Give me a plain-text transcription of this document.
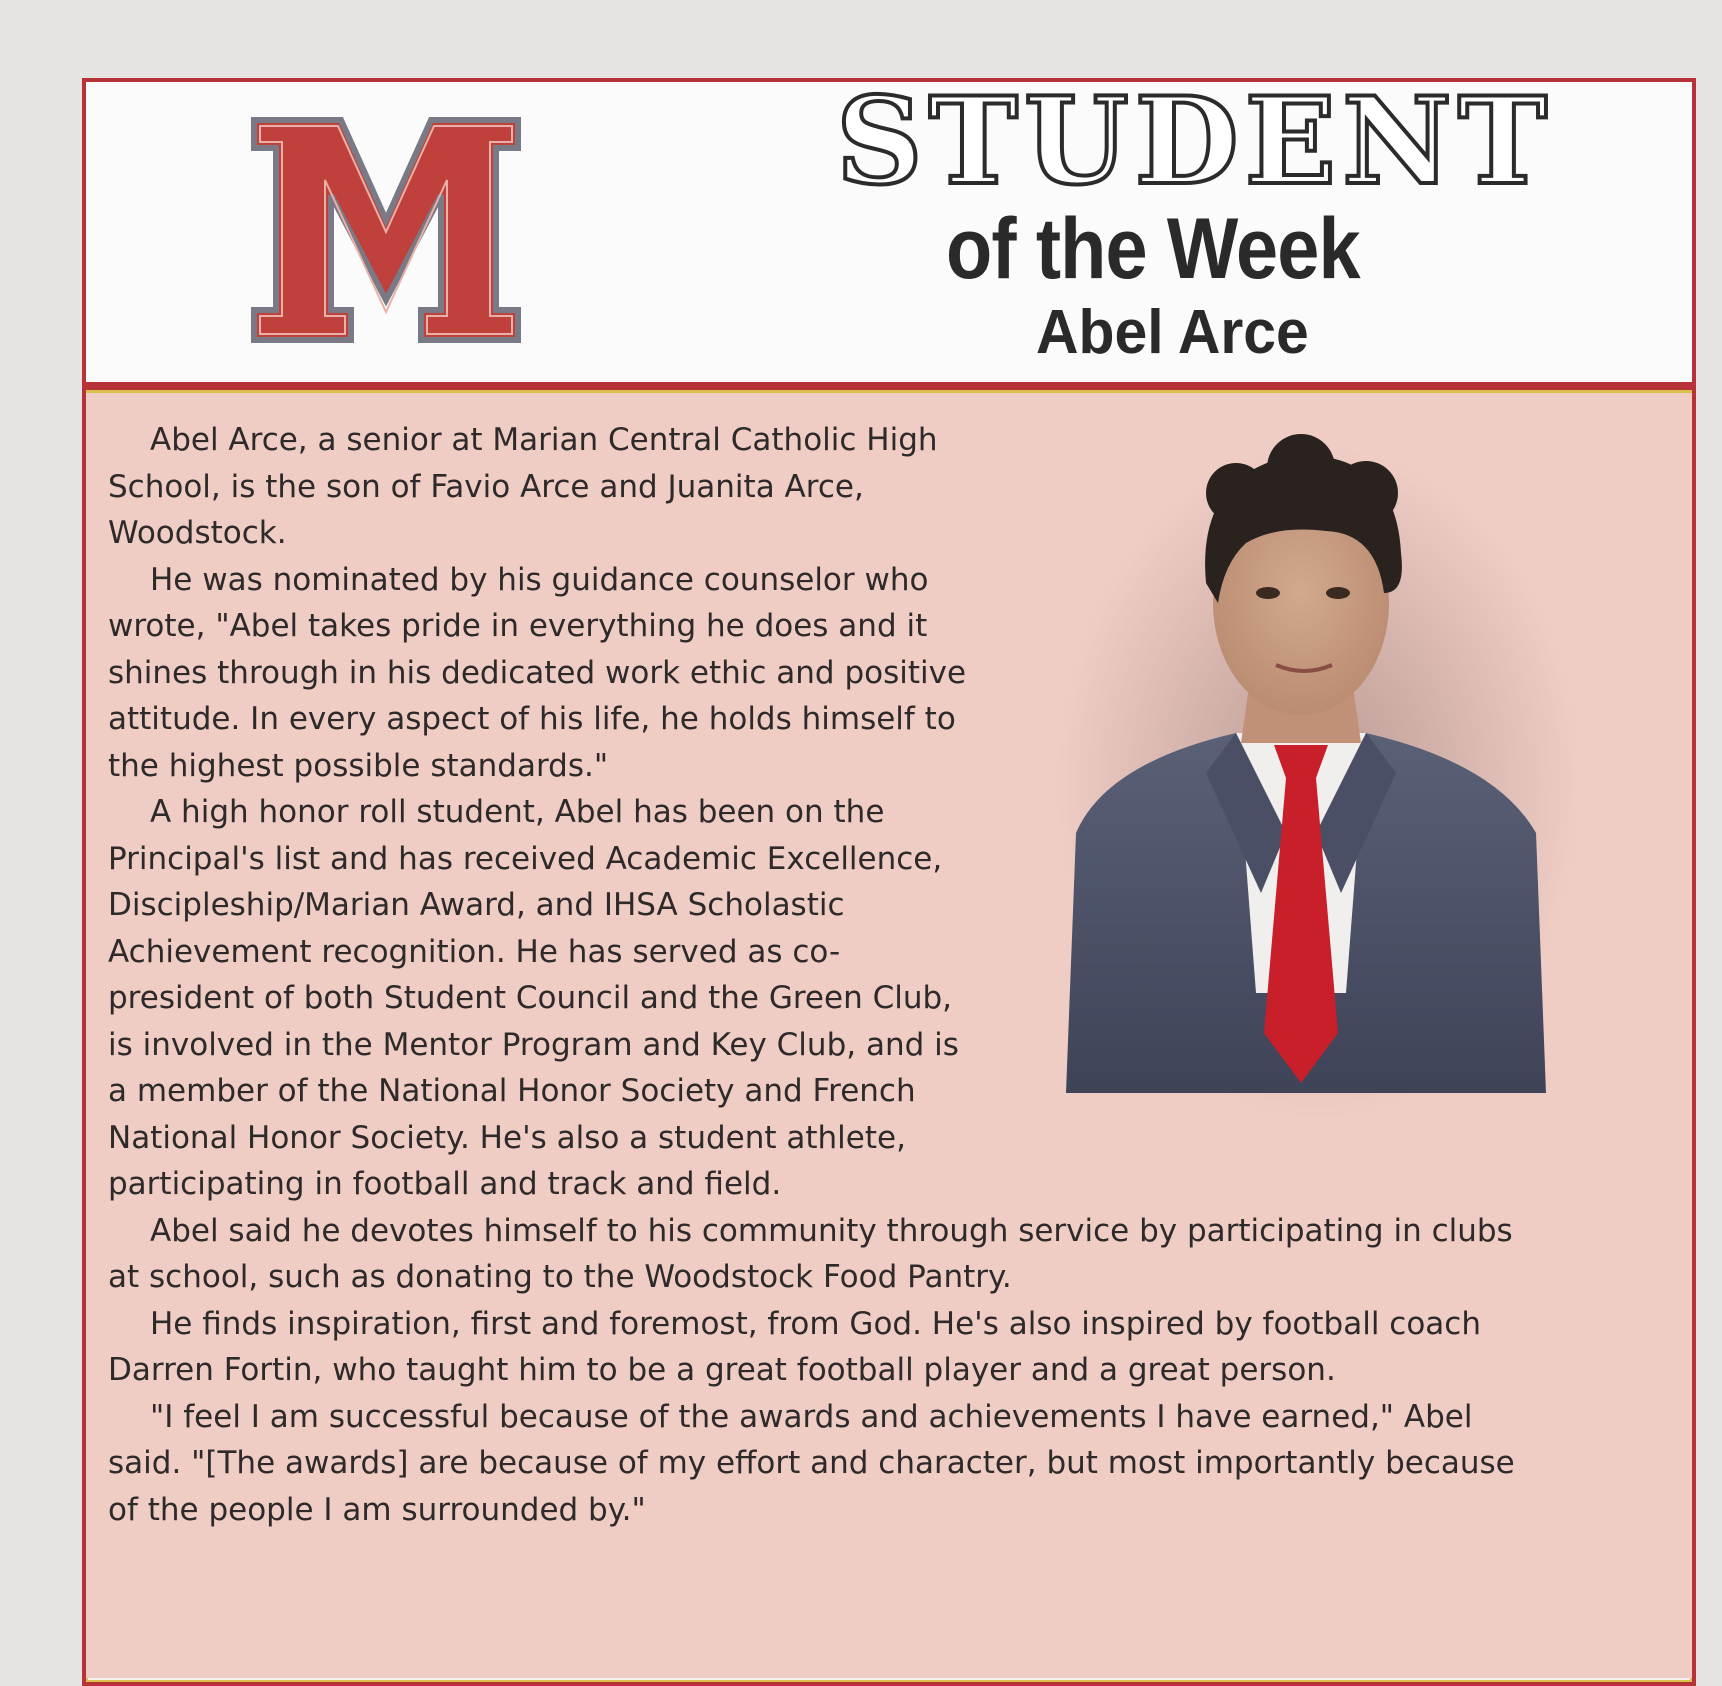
STUDENT
of the Week
Abel Arce

Abel Arce, a senior at Marian Central Catholic High School, is the son of Favio Arce and Juanita Arce, Woodstock.

He was nominated by his guidance counselor who wrote, "Abel takes pride in everything he does and it shines through in his dedicated work ethic and positive attitude. In every aspect of his life, he holds himself to the highest possible standards."

A high honor roll student, Abel has been on the Principal's list and has received Academic Excellence, Discipleship/Marian Award, and IHSA Scholastic Achievement recognition. He has served as co-president of both Student Council and the Green Club, is involved in the Mentor Program and Key Club, and is a member of the National Honor Society and French National Honor Society. He's also a student athlete, participating in football and track and field.

Abel said he devotes himself to his community through service by participating in clubs at school, such as donating to the Woodstock Food Pantry.

He finds inspiration, first and foremost, from God. He's also inspired by football coach Darren Fortin, who taught him to be a great football player and a great person.

"I feel I am successful because of the awards and achievements I have earned," Abel said. "[The awards] are because of my effort and character, but most importantly because of the people I am surrounded by."
